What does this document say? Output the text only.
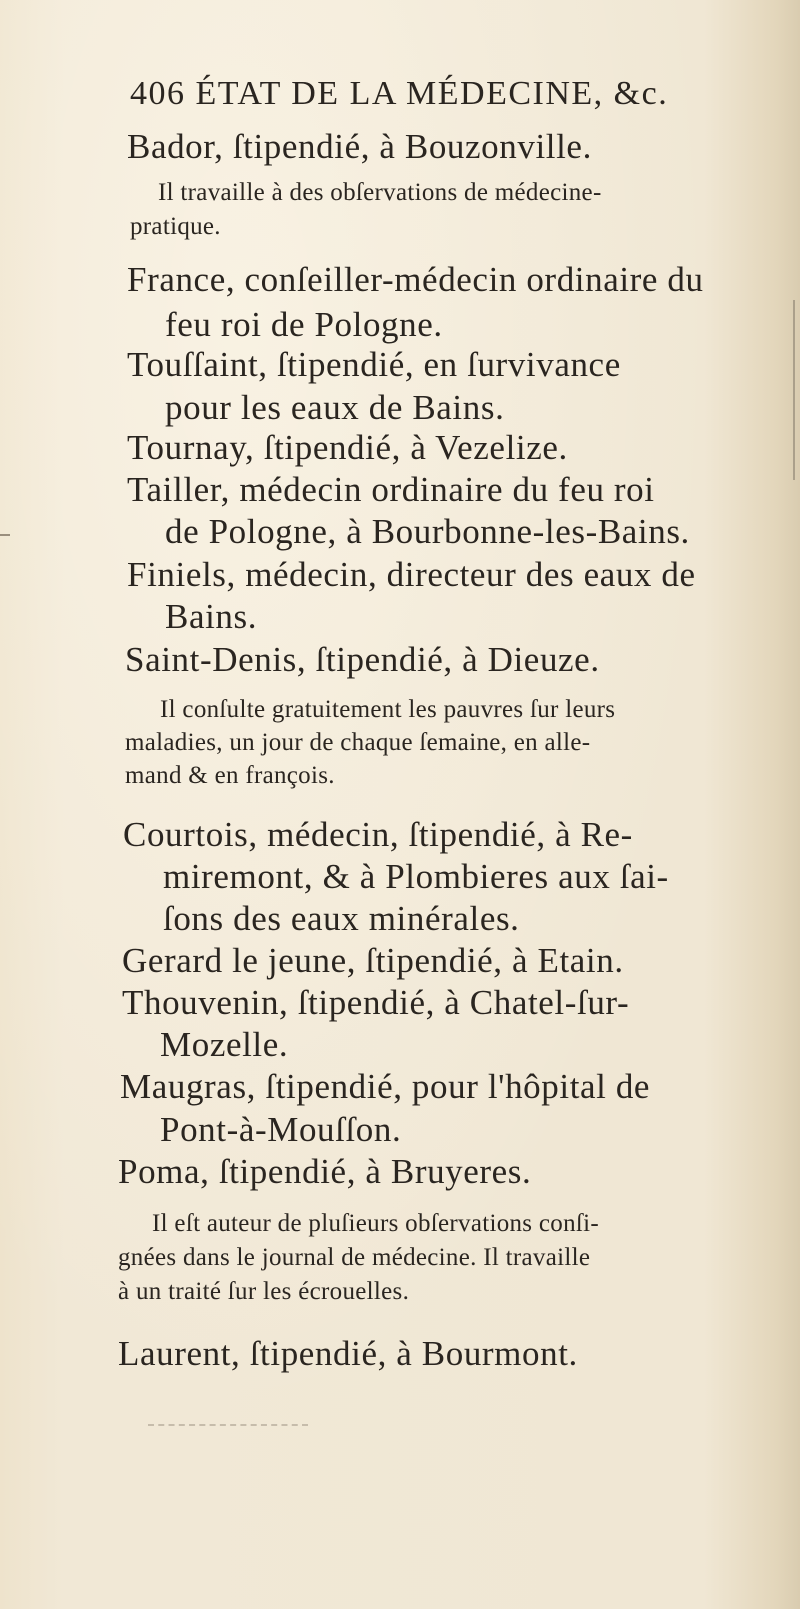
406 ÉTAT DE LA MÉDECINE, &c.
Bador, ſtipendié, à Bouzonville.
Il travaille à des obſervations de médecine-
pratique.
France, conſeiller-médecin ordinaire du
feu roi de Pologne.
Touſſaint, ſtipendié, en ſurvivance
pour les eaux de Bains.
Tournay, ſtipendié, à Vezelize.
Tailler, médecin ordinaire du feu roi
de Pologne, à Bourbonne-les-Bains.
Finiels, médecin, directeur des eaux de
Bains.
Saint-Denis, ſtipendié, à Dieuze.
Il conſulte gratuitement les pauvres ſur leurs
maladies, un jour de chaque ſemaine, en alle-
mand & en françois.
Courtois, médecin, ſtipendié, à Re-
miremont, & à Plombieres aux ſai-
ſons des eaux minérales.
Gerard le jeune, ſtipendié, à Etain.
Thouvenin, ſtipendié, à Chatel-ſur-
Mozelle.
Maugras, ſtipendié, pour l'hôpital de
Pont-à-Mouſſon.
Poma, ſtipendié, à Bruyeres.
Il eſt auteur de pluſieurs obſervations conſi-
gnées dans le journal de médecine. Il travaille
à un traité ſur les écrouelles.
Laurent, ſtipendié, à Bourmont.
